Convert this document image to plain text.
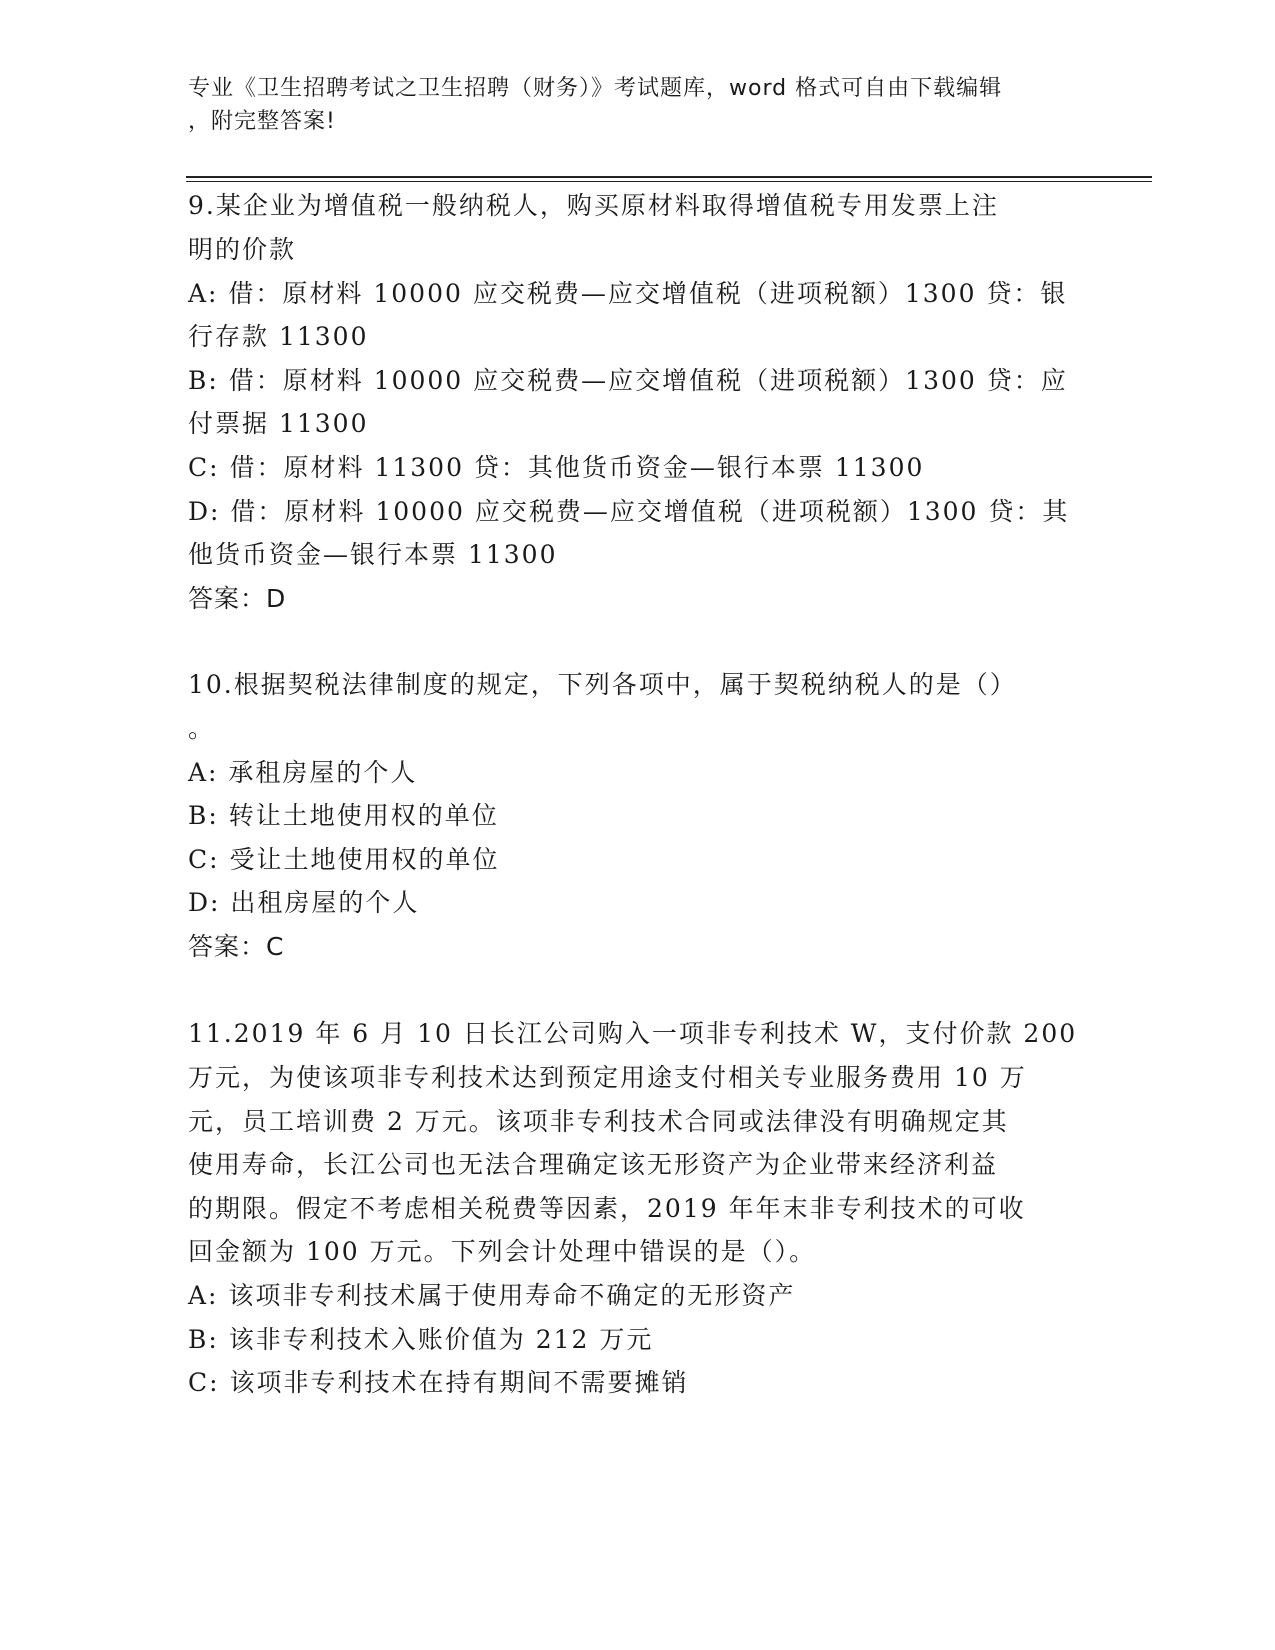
专业《卫生招聘考试之卫生招聘（财务）》考试题库，word 格式可自由下载编辑
，附完整答案!
9.某企业为增值税一般纳税人，购买原材料取得增值税专用发票上注
明的价款
A: 借：原材料 10000 应交税费—应交增值税（进项税额）1300 贷：银
行存款 11300
B: 借：原材料 10000 应交税费—应交增值税（进项税额）1300 贷：应
付票据 11300
C: 借：原材料 11300 贷：其他货币资金—银行本票 11300
D: 借：原材料 10000 应交税费—应交增值税（进项税额）1300 贷：其
他货币资金—银行本票 11300
答案：D
10.根据契税法律制度的规定，下列各项中，属于契税纳税人的是（）
。
A: 承租房屋的个人
B: 转让土地使用权的单位
C: 受让土地使用权的单位
D: 出租房屋的个人
答案：C
11.2019 年 6 月 10 日长江公司购入一项非专利技术 W，支付价款 200
万元，为使该项非专利技术达到预定用途支付相关专业服务费用 10 万
元，员工培训费 2 万元。该项非专利技术合同或法律没有明确规定其
使用寿命，长江公司也无法合理确定该无形资产为企业带来经济利益
的期限。假定不考虑相关税费等因素，2019 年年末非专利技术的可收
回金额为 100 万元。下列会计处理中错误的是（）。
A: 该项非专利技术属于使用寿命不确定的无形资产
B: 该非专利技术入账价值为 212 万元
C: 该项非专利技术在持有期间不需要摊销
